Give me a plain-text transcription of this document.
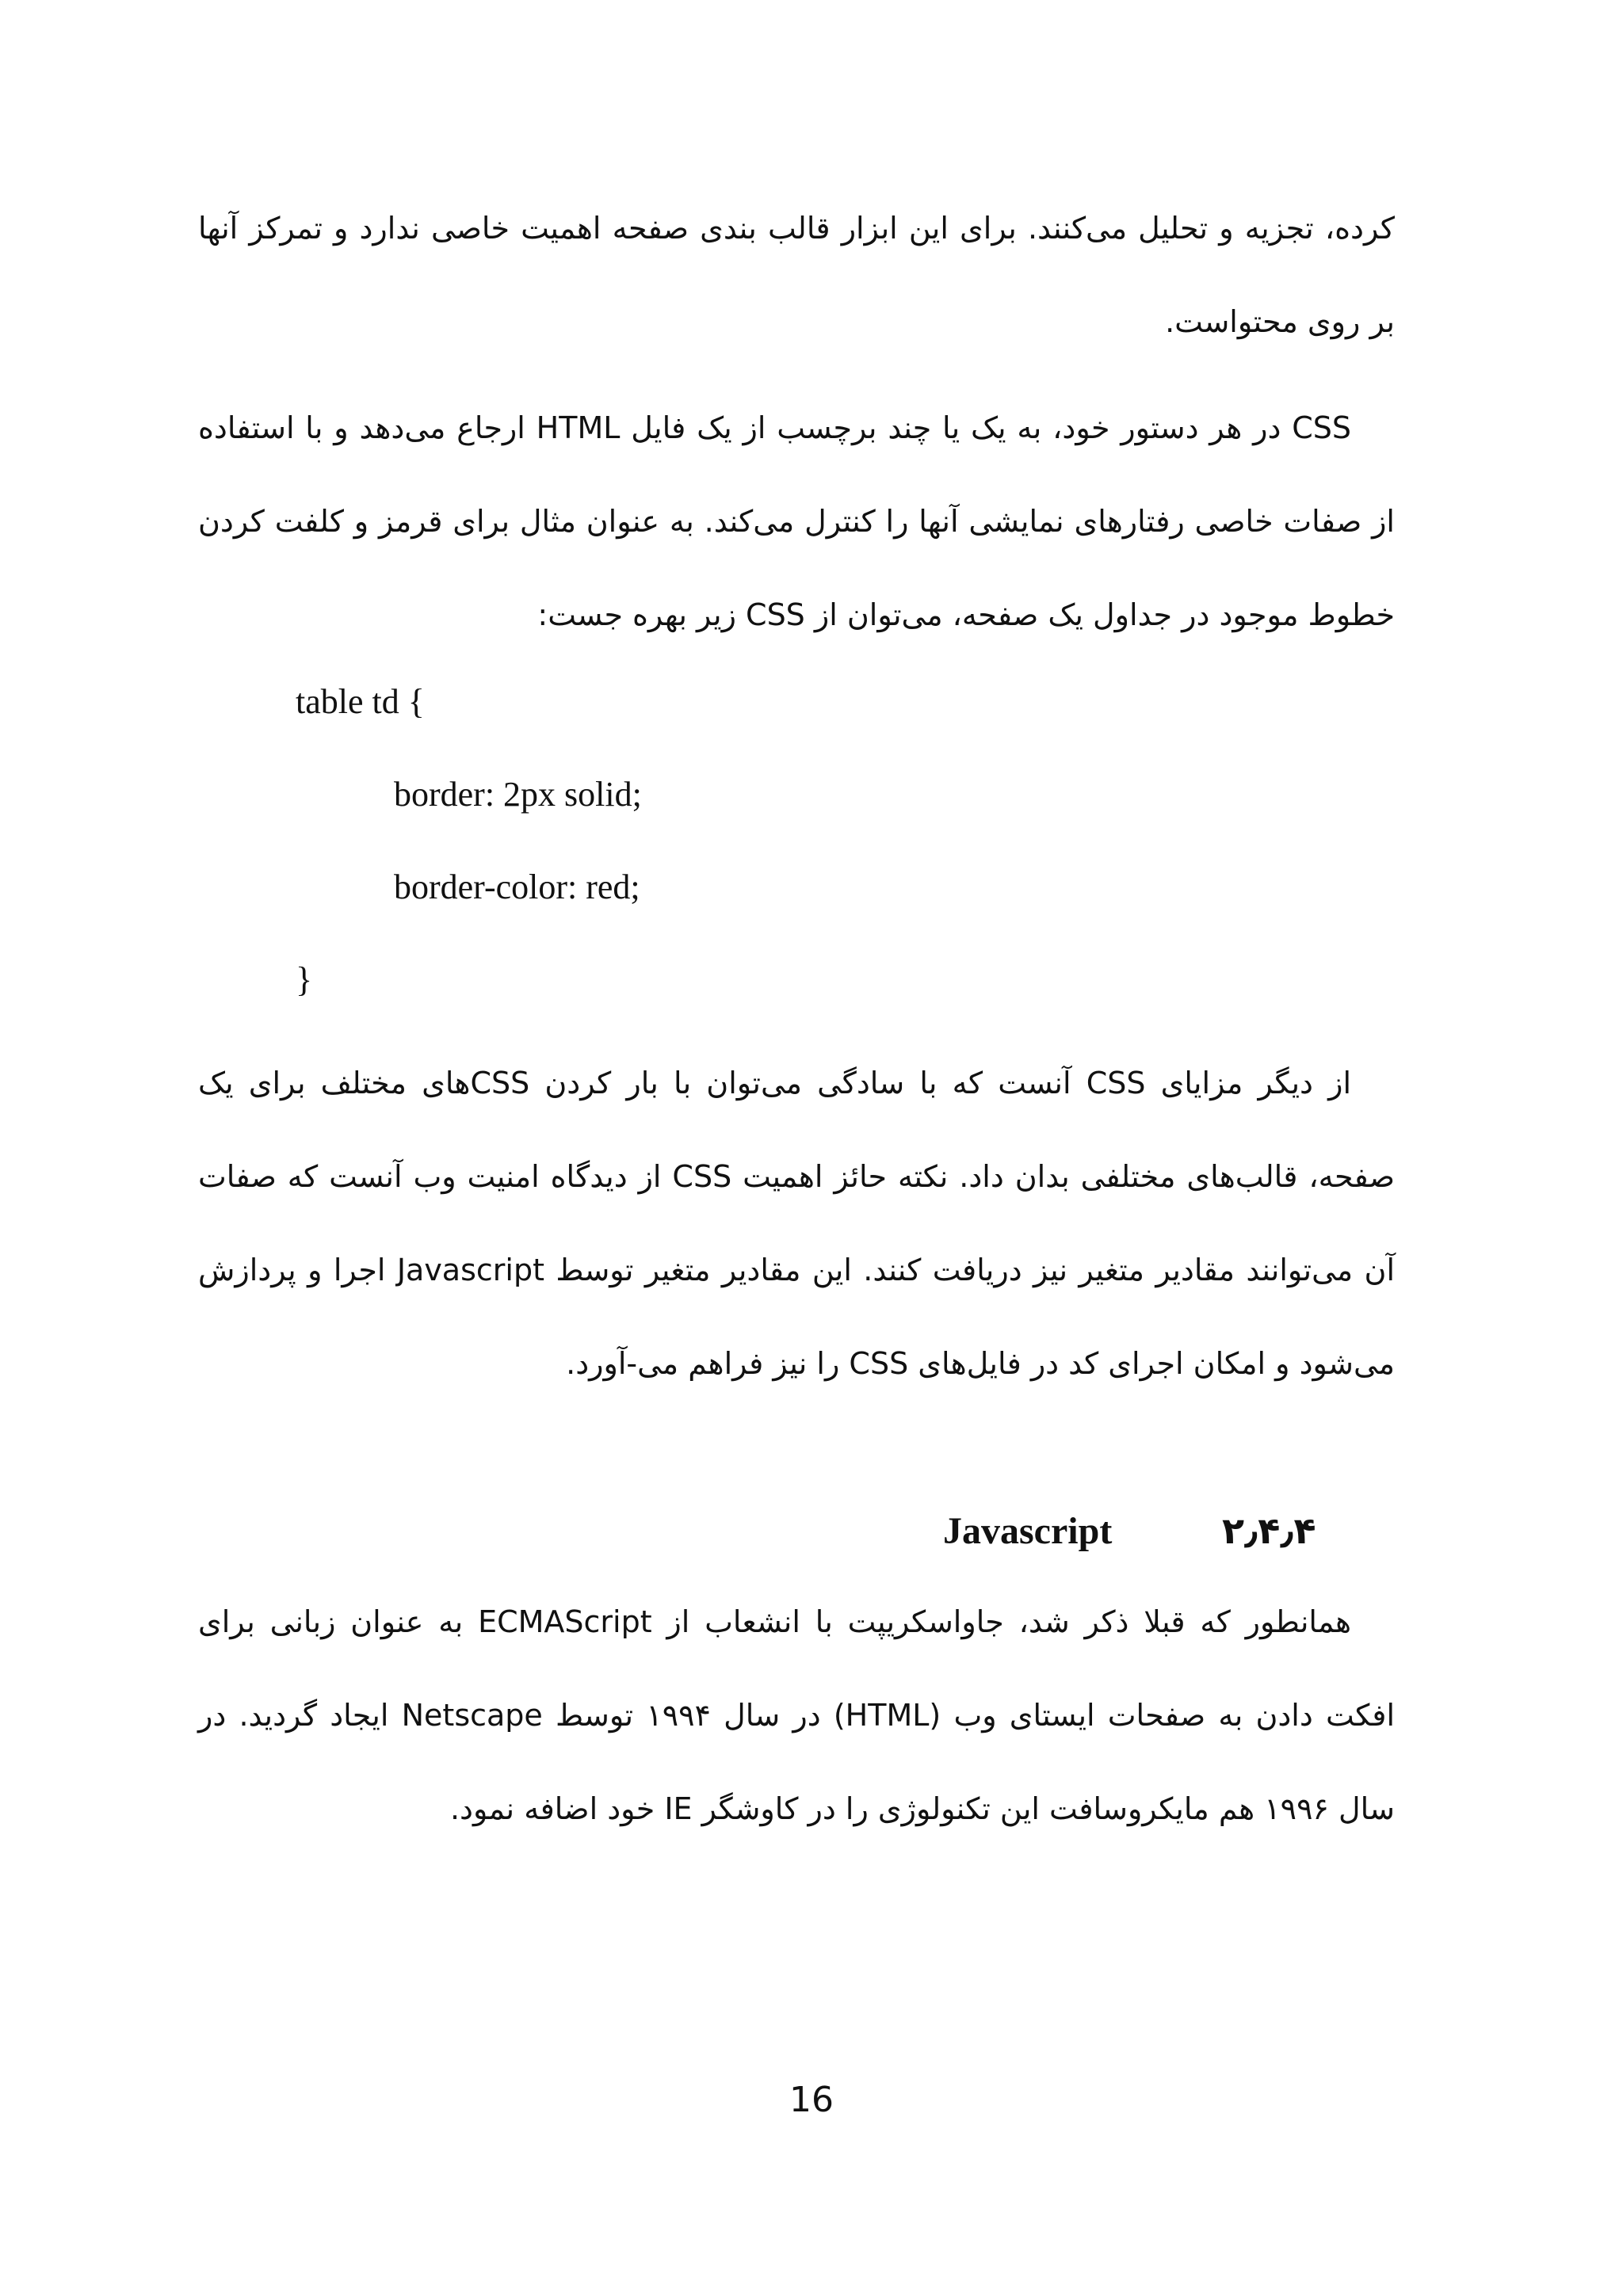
کرده، تجزیه و تحلیل می‌کنند. برای این ابزار قالب بندی صفحه اهمیت خاصی ندارد و تمرکز آنها بر روی محتواست.

CSS در هر دستور خود، به یک یا چند برچسب از یک فایل HTML ارجاع می‌دهد و با استفاده از صفات خاصی رفتارهای نمایشی آنها را کنترل می‌کند. به عنوان مثال برای قرمز و کلفت کردن خطوط موجود در جداول یک صفحه، می‌توان از CSS زیر بهره جست:

table td {
border: 2px solid;
border-color: red;
}

از دیگر مزایای CSS آنست که با سادگی می‌توان با بار کردن CSSهای مختلف برای یک صفحه، قالب‌های مختلفی بدان داد. نکته حائز اهمیت CSS از دیدگاه امنیت وب آنست که صفات آن می‌توانند مقادیر متغیر نیز دریافت کنند. این مقادیر متغیر توسط Javascript اجرا و پردازش می‌شود و امکان اجرای کد در فایل‌های CSS را نیز فراهم می-آورد.

Javascript	۲٫۴٫۴

همانطور که قبلا ذکر شد، جاواسکریپت با انشعاب از ECMAScript به عنوان زبانی برای افکت دادن به صفحات ایستای وب (HTML) در سال ۱۹۹۴ توسط Netscape ایجاد گردید. در سال ۱۹۹۶ هم مایکروسافت این تکنولوژی را در کاوشگر IE خود اضافه نمود.

16
